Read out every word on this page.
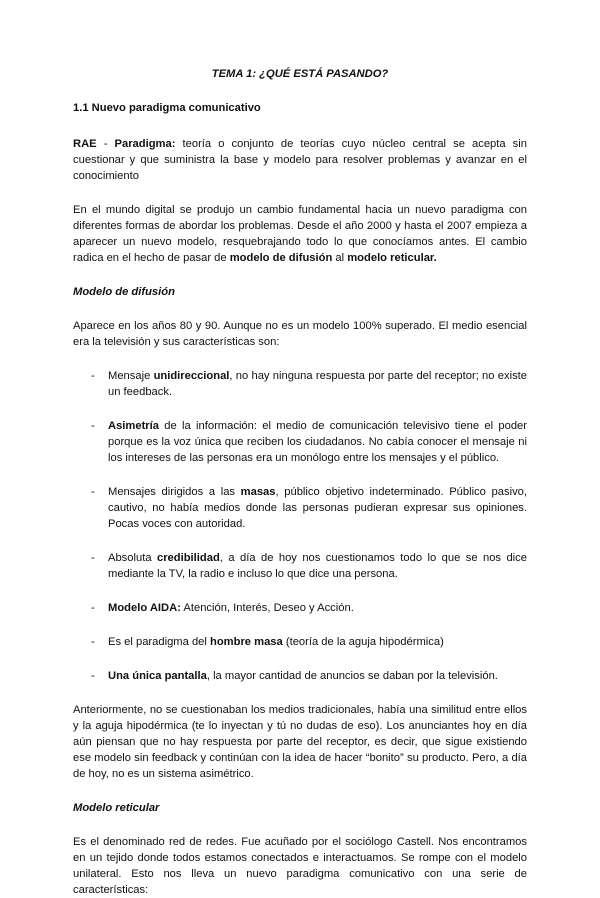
TEMA 1: ¿QUÉ ESTÁ PASANDO?
1.1 Nuevo paradigma comunicativo

RAE - Paradigma: teoría o conjunto de teorías cuyo núcleo central se acepta sin cuestionar y que suministra la base y modelo para resolver problemas y avanzar en el conocimiento

En el mundo digital se produjo un cambio fundamental hacia un nuevo paradigma con diferentes formas de abordar los problemas. Desde el año 2000 y hasta el 2007 empieza a aparecer un nuevo modelo, resquebrajando todo lo que conocíamos antes. El cambio radica en el hecho de pasar de modelo de difusión al modelo reticular.

Modelo de difusión

Aparece en los años 80 y 90. Aunque no es un modelo 100% superado. El medio esencial era la televisión y sus características son:

- Mensaje unidireccional, no hay ninguna respuesta por parte del receptor; no existe un feedback.
- Asimetría de la información: el medio de comunicación televisivo tiene el poder porque es la voz única que reciben los ciudadanos. No cabía conocer el mensaje ni los intereses de las personas era un monólogo entre los mensajes y el público.
- Mensajes dirigidos a las masas, público objetivo indeterminado. Público pasivo, cautivo, no había medios donde las personas pudieran expresar sus opiniones. Pocas voces con autoridad.
- Absoluta credibilidad, a día de hoy nos cuestionamos todo lo que se nos dice mediante la TV, la radio e incluso lo que dice una persona.
- Modelo AIDA: Atención, Interés, Deseo y Acción.
- Es el paradigma del hombre masa (teoría de la aguja hipodérmica)
- Una única pantalla, la mayor cantidad de anuncios se daban por la televisión.

Anteriormente, no se cuestionaban los medios tradicionales, había una similitud entre ellos y la aguja hipodérmica (te lo inyectan y tú no dudas de eso). Los anunciantes hoy en día aún piensan que no hay respuesta por parte del receptor, es decir, que sigue existiendo ese modelo sin feedback y continúan con la idea de hacer “bonito” su producto. Pero, a día de hoy, no es un sistema asimétrico.

Modelo reticular

Es el denominado red de redes. Fue acuñado por el sociólogo Castell. Nos encontramos en un tejido donde todos estamos conectados e interactuamos. Se rompe con el modelo unilateral. Esto nos lleva un nuevo paradigma comunicativo con una serie de características:
